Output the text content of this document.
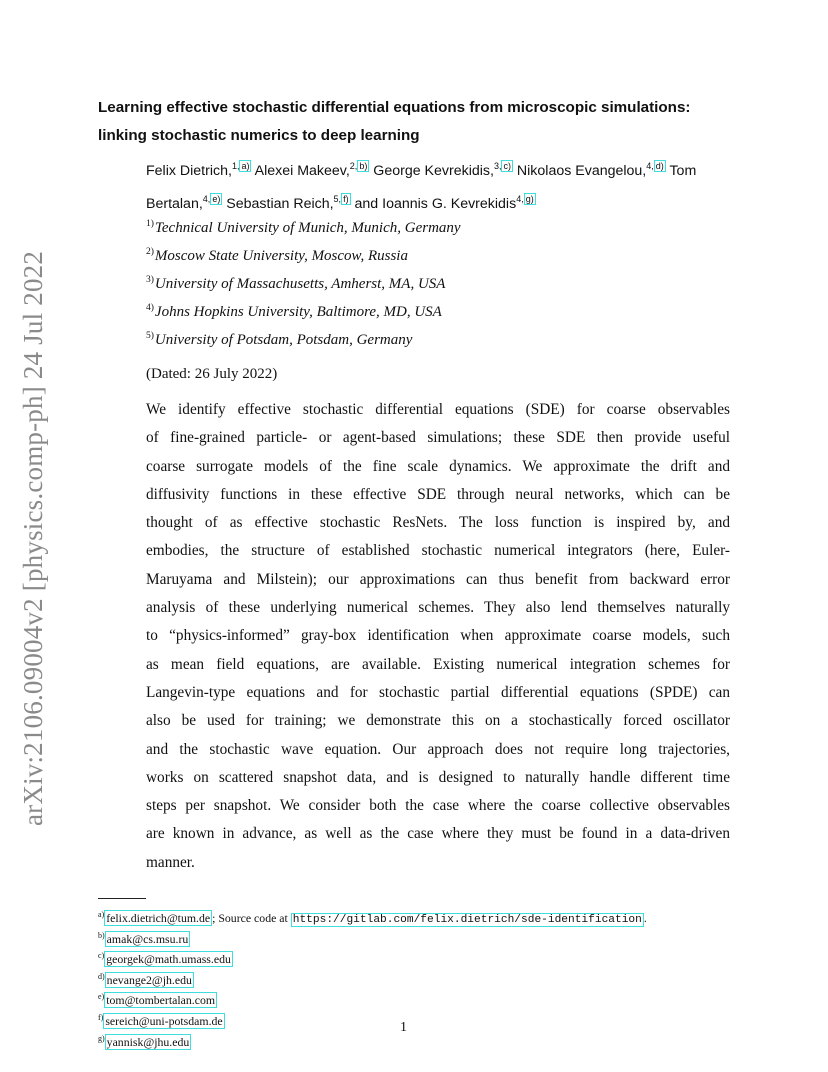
arXiv:2106.09004v2 [physics.comp-ph] 24 Jul 2022
Learning effective stochastic differential equations from microscopic simulations:
linking stochastic numerics to deep learning
Felix Dietrich,$^{1,}$ $^{a)}$ Alexei Makeev,$^{2,}$ $^{b)}$ George Kevrekidis,$^{3,}$ $^{c)}$ Nikolaos Evangelou,$^{4,}$ $^{d)}$ Tom Bertalan,$^{4,}$ $^{e)}$ Sebastian Reich,$^{5,}$ $^{f)}$ and Ioannis G. Kevrekidis$^{4,}$ $^{g)}$
$^{1)}$Technical University of Munich, Munich, Germany
$^{2)}$Moscow State University, Moscow, Russia
$^{3)}$University of Massachusetts, Amherst, MA, USA
$^{4)}$Johns Hopkins University, Baltimore, MD, USA
$^{5)}$University of Potsdam, Potsdam, Germany
(Dated: 26 July 2022)
We identify effective stochastic differential equations (SDE) for coarse observables
of fine-grained particle- or agent-based simulations; these SDE then provide useful
coarse surrogate models of the fine scale dynamics. We approximate the drift and
diffusivity functions in these effective SDE through neural networks, which can be
thought of as effective stochastic ResNets. The loss function is inspired by, and
embodies, the structure of established stochastic numerical integrators (here, Euler-
Maruyama and Milstein); our approximations can thus benefit from backward error
analysis of these underlying numerical schemes. They also lend themselves naturally
to “physics-informed” gray-box identification when approximate coarse models, such
as mean field equations, are available. Existing numerical integration schemes for
Langevin-type equations and for stochastic partial differential equations (SPDE) can
also be used for training; we demonstrate this on a stochastically forced oscillator
and the stochastic wave equation. Our approach does not require long trajectories,
works on scattered snapshot data, and is designed to naturally handle different time
steps per snapshot. We consider both the case where the coarse collective observables
are known in advance, as well as the case where they must be found in a data-driven
manner.
$^{a)}$ felix.dietrich@tum.de ; Source code at https://gitlab.com/felix.dietrich/sde-identification .
$^{b)}$ amak@cs.msu.ru
$^{c)}$ georgek@math.umass.edu
$^{d)}$ nevange2@jh.edu
$^{e)}$ tom@tombertalan.com
$^{f)}$ sereich@uni-potsdam.de
$^{g)}$ yannisk@jhu.edu
1
